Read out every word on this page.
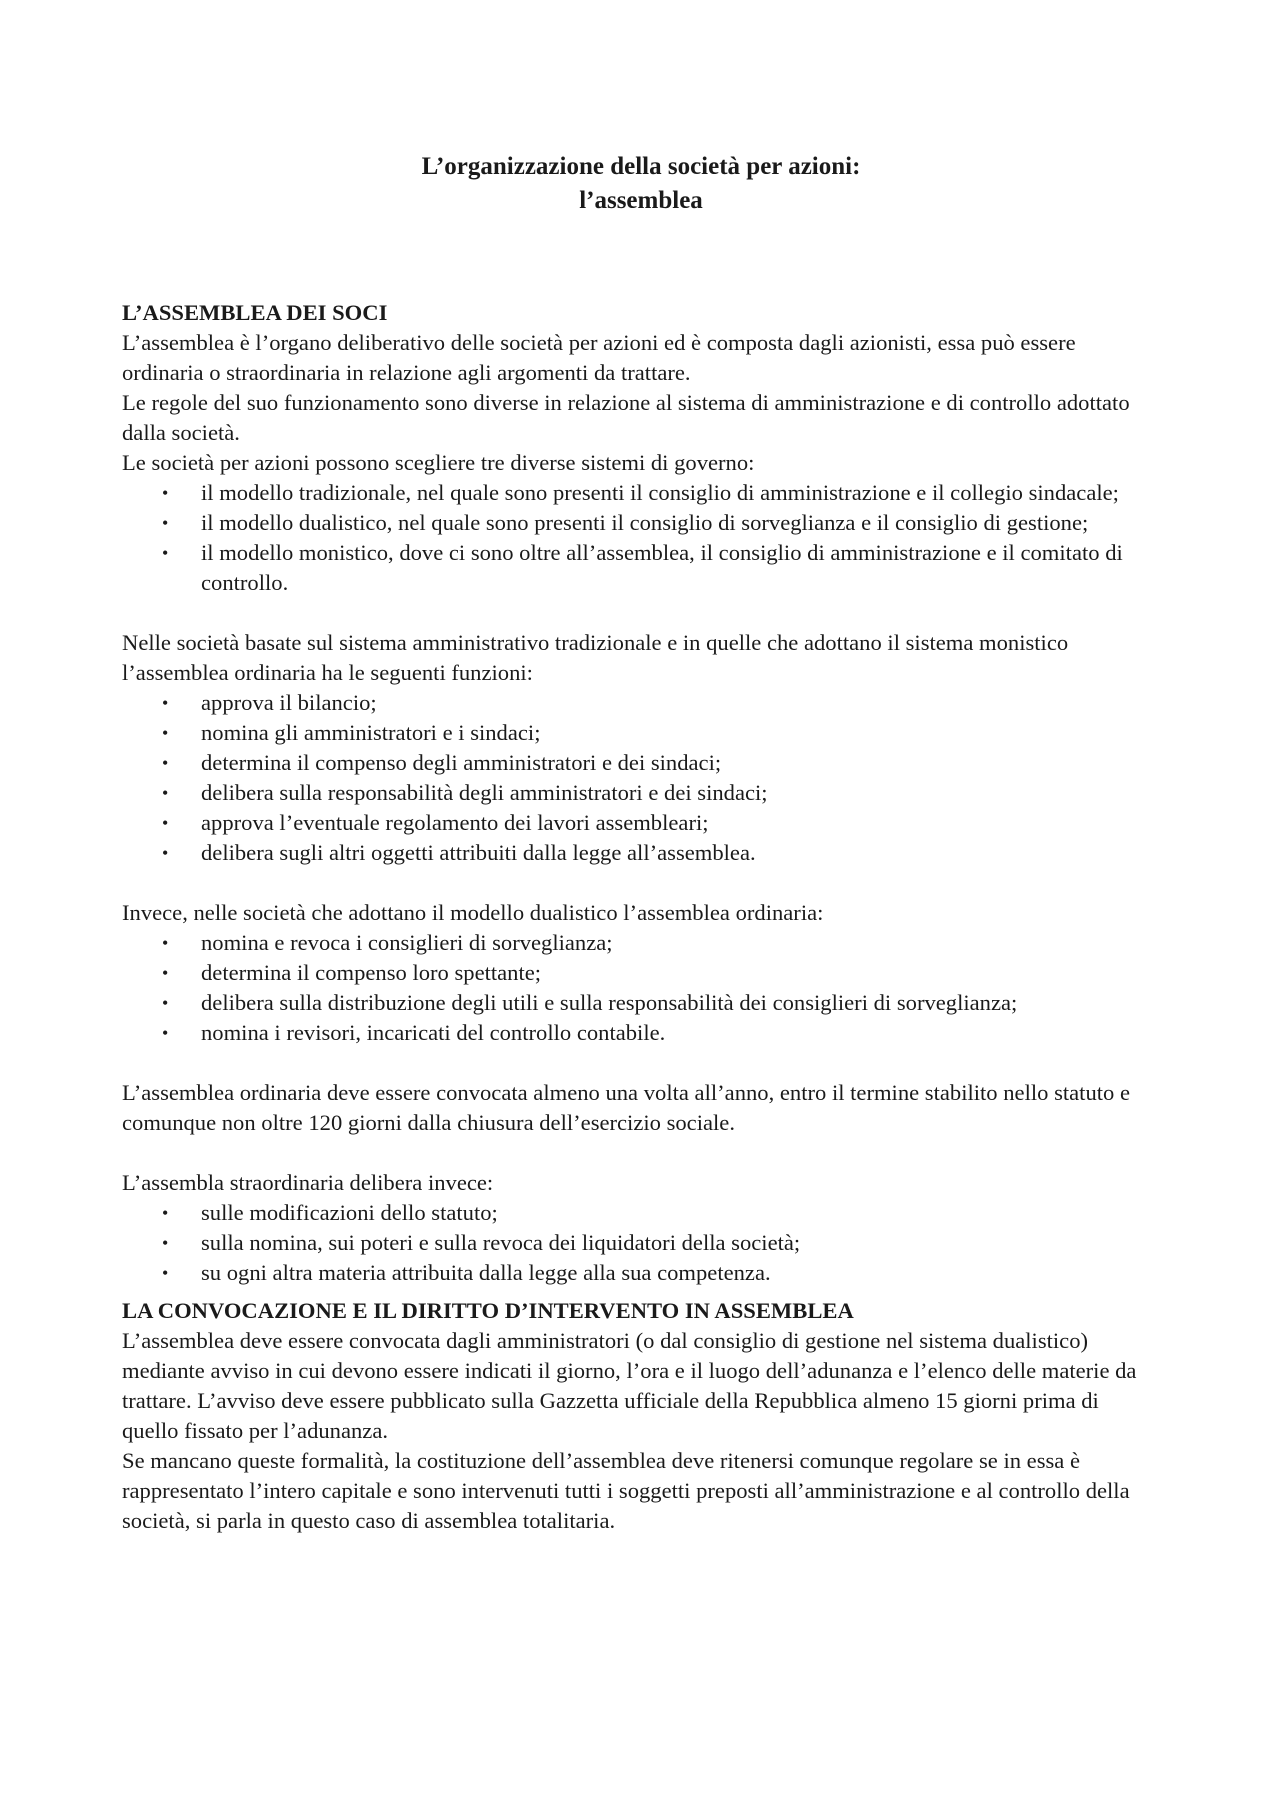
L’organizzazione della società per azioni:
l’assemblea
L’ASSEMBLEA DEI SOCI

L’assemblea è l’organo deliberativo delle società per azioni ed è composta dagli azionisti, essa può essere ordinaria o straordinaria in relazione agli argomenti da trattare.

Le regole del suo funzionamento sono diverse in relazione al sistema di amministrazione e di controllo adottato dalla società.

Le società per azioni possono scegliere tre diverse sistemi di governo:

• il modello tradizionale, nel quale sono presenti il consiglio di amministrazione e il collegio sindacale;
• il modello dualistico, nel quale sono presenti il consiglio di sorveglianza e il consiglio di gestione;
• il modello monistico, dove ci sono oltre all’assemblea, il consiglio di amministrazione e il comitato di controllo.

Nelle società basate sul sistema amministrativo tradizionale e in quelle che adottano il sistema monistico l’assemblea ordinaria ha le seguenti funzioni:

• approva il bilancio;
• nomina gli amministratori e i sindaci;
• determina il compenso degli amministratori e dei sindaci;
• delibera sulla responsabilità degli amministratori e dei sindaci;
• approva l’eventuale regolamento dei lavori assembleari;
• delibera sugli altri oggetti attribuiti dalla legge all’assemblea.

Invece, nelle società che adottano il modello dualistico l’assemblea ordinaria:

• nomina e revoca i consiglieri di sorveglianza;
• determina il compenso loro spettante;
• delibera sulla distribuzione degli utili e sulla responsabilità dei consiglieri di sorveglianza;
• nomina i revisori, incaricati del controllo contabile.

L’assemblea ordinaria deve essere convocata almeno una volta all’anno, entro il termine stabilito nello statuto e comunque non oltre 120 giorni dalla chiusura dell’esercizio sociale.

L’assembla straordinaria delibera invece:

• sulle modificazioni dello statuto;
• sulla nomina, sui poteri e sulla revoca dei liquidatori della società;
• su ogni altra materia attribuita dalla legge alla sua competenza.
LA CONVOCAZIONE E IL DIRITTO D’INTERVENTO IN ASSEMBLEA

L’assemblea deve essere convocata dagli amministratori (o dal consiglio di gestione nel sistema dualistico) mediante avviso in cui devono essere indicati il giorno, l’ora e il luogo dell’adunanza e l’elenco delle materie da trattare. L’avviso deve essere pubblicato sulla Gazzetta ufficiale della Repubblica almeno 15 giorni prima di quello fissato per l’adunanza.

Se mancano queste formalità, la costituzione dell’assemblea deve ritenersi comunque regolare se in essa è rappresentato l’intero capitale e sono intervenuti tutti i soggetti preposti all’amministrazione e al controllo della società, si parla in questo caso di assemblea totalitaria.
